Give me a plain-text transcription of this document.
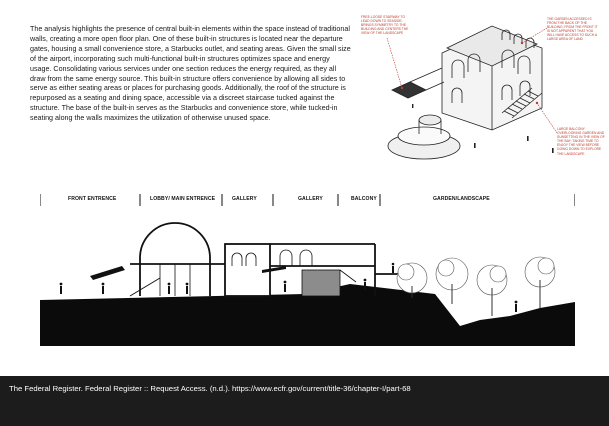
The analysis highlights the presence of central built-in elements within the space instead of traditional walls, creating a more open floor plan. One of these built-in structures is located near the departure gates, housing a small convenience store, a Starbucks outlet, and seating areas. Given the small size of the airport, incorporating such multi-functional built-in structures optimizes space and energy usage. Consolidating various services under one section reduces the energy required, as they all draw from the same energy source. This built-in structure offers convenience by allowing all sides to serve as either seating areas or places for purchasing goods. Additionally, the roof of the structure is repurposed as a seating and dining space, accessible via a discreet staircase tucked against the structure. The base of the built-in serves as the Starbucks and convenience store, while tucked-in seating along the walls maximizes the utilization of otherwise unused space.

FREE-LOOSE STAIRWAY TO LEAD DOWN TO SEASIDE; BRINGS SYMMETRY TO THE BUILDING AND CENTERS THE VIEW OF THE LANDSCAPE

THE GARDEN ACCESSED IS FROM THE BACK OF THE BUILDING; FROM THE FRONT IT IS NOT APPARENT THAT YOU WILL HAVE ACCESS TO SUCH A LARGE AREA OF LAND

LARGE BALCONY OVERLOOKING GARDEN AND SUNSETTING IN THE VIEW OF THE BAY; TAKING TIME TO ENJOY THE VIEW BEFORE GOING DOWN TO EXPLORE THE LANDSCAPE

FRONT ENTRENCE	LOBBY/ MAIN ENTRENCE	GALLERY	GALLERY	BALCONY	GARDEN/LANDSCAPE

The Federal Register. Federal Register :: Request Access. (n.d.). https://www.ecfr.gov/current/title-36/chapter-I/part-68
